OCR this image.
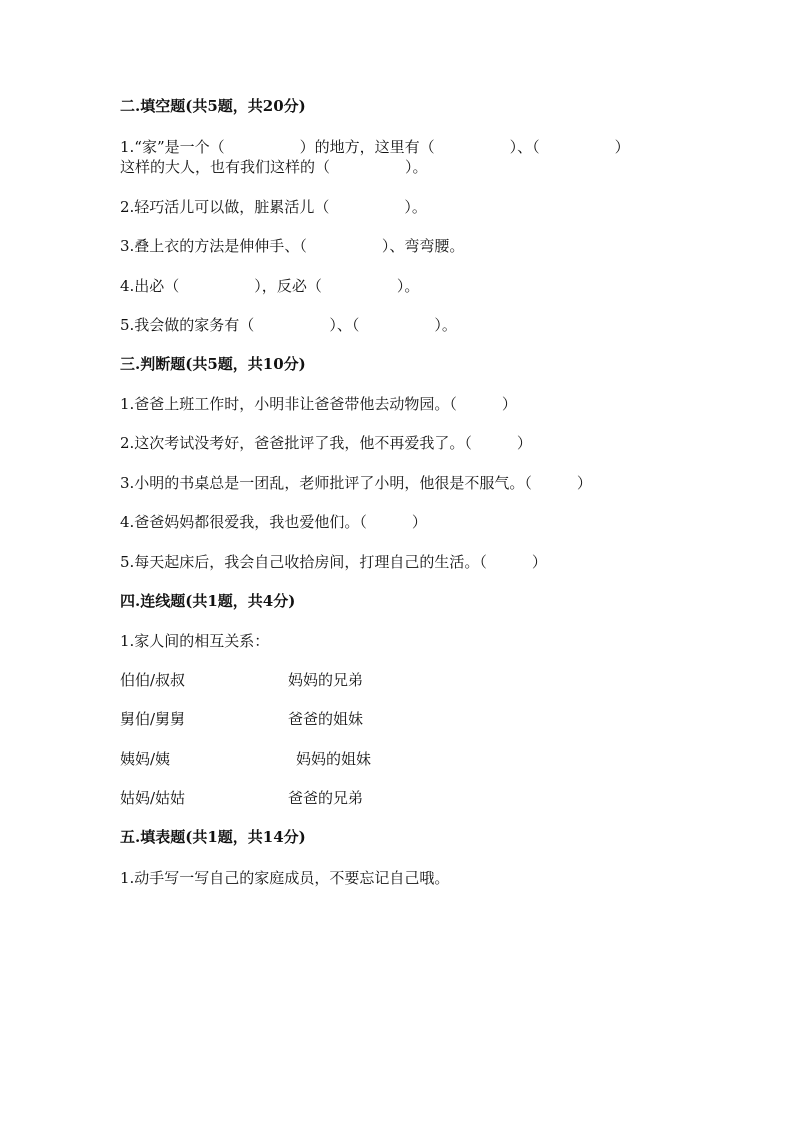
二.填空题(共5题，共20分)
1.“家”是一个（　　　　　）的地方，这里有（　　　　　）、（　　　　　）
这样的大人，也有我们这样的（　　　　　）。
2.轻巧活儿可以做，脏累活儿（　　　　　）。
3.叠上衣的方法是伸伸手、（　　　　　）、弯弯腰。
4.出必（　　　　　），反必（　　　　　）。
5.我会做的家务有（　　　　　）、（　　　　　）。
三.判断题(共5题，共10分)
1.爸爸上班工作时，小明非让爸爸带他去动物园。（　　　）
2.这次考试没考好，爸爸批评了我，他不再爱我了。（　　　）
3.小明的书桌总是一团乱，老师批评了小明，他很是不服气。（　　　）
4.爸爸妈妈都很爱我，我也爱他们。（　　　）
5.每天起床后，我会自己收拾房间，打理自己的生活。（　　　）
四.连线题(共1题，共4分)
1.家人间的相互关系：
伯伯/叔叔	妈妈的兄弟
舅伯/舅舅	爸爸的姐妹
姨妈/姨	妈妈的姐妹
姑妈/姑姑	爸爸的兄弟
五.填表题(共1题，共14分)
1.动手写一写自己的家庭成员，不要忘记自己哦。
